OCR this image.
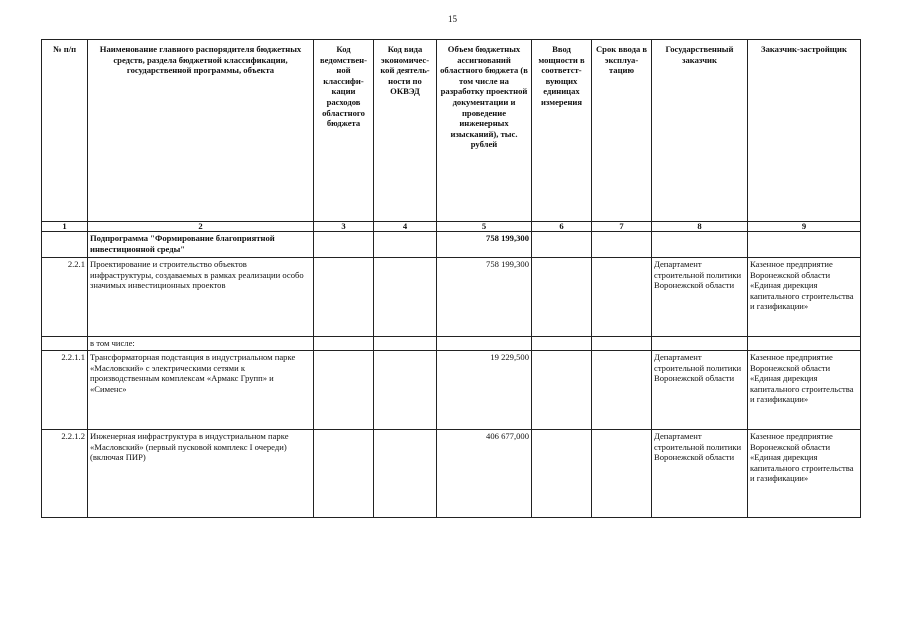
15
№ п/п	Наименование главного распорядителя бюджетных средств, раздела бюджетной классификации, государственной программы, объекта	Код ведомствен-ной классифи-кации расходов областного бюджета	Код вида экономичес-кой деятель-ности по ОКВЭД	Объем бюджетных ассигнований областного бюджета (в том числе на разработку проектной документации и проведение инженерных изысканий), тыс. рублей	Ввод мощности в соответст-вующих единицах измерения	Срок ввода в эксплуа-тацию	Государственный заказчик	Заказчик-застройщик
1	2	3	4	5	6	7	8	9
	Подпрограмма "Формирование благоприятной инвестиционной среды"			758 199,300				
2.2.1	Проектирование и строительство объектов инфраструктуры, создаваемых в рамках реализации особо значимых инвестиционных проектов			758 199,300			Департамент строительной политики Воронежской области	Казенное предприятие Воронежской области «Единая дирекция капитального строительства и газификации»
	в том числе:							
2.2.1.1	Трансформаторная подстанция в индустриальном парке «Масловский» с электрическими сетями к производственным комплексам «Армакс Групп» и «Сименс»			19 229,500			Департамент строительной политики Воронежской области	Казенное предприятие Воронежской области «Единая дирекция капитального строительства и газификации»
2.2.1.2	Инженерная инфраструктура в индустриальном парке «Масловский» (первый пусковой комплекс I очереди) (включая ПИР)			406 677,000			Департамент строительной политики Воронежской области	Казенное предприятие Воронежской области «Единая дирекция капитального строительства и газификации»
